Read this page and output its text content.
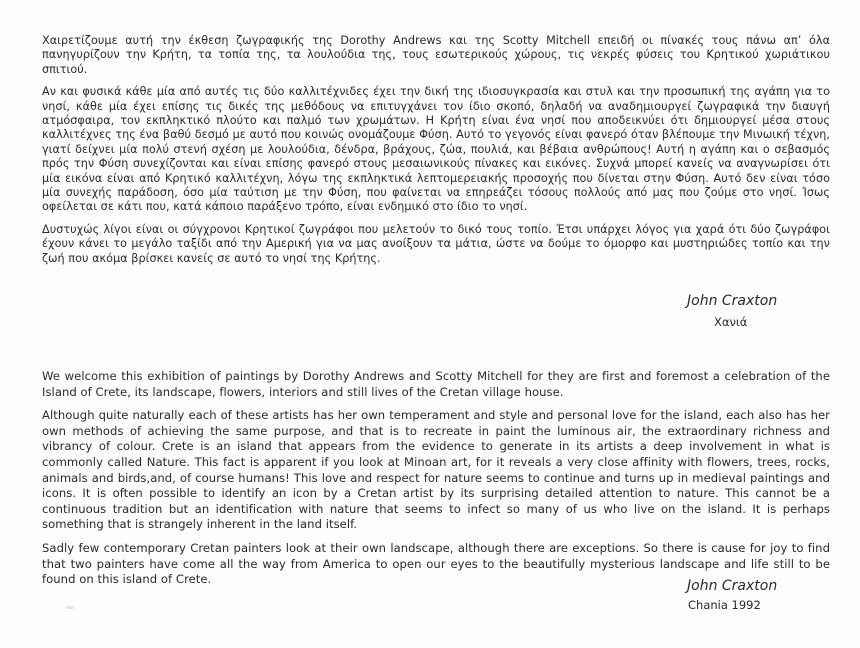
Χαιρετίζουμε αυτή την έκθεση ζωγραφικής της Dorothy Andrews και της Scotty Mitchell επειδή οι πίνακές τους πάνω απ’ όλα πανηγυρίζουν την Κρήτη, τα τοπία της, τα λουλούδια της, τους εσωτερικούς χώρους, τις νεκρές φύσεις του Κρητικού χωριάτικου σπιτιού.

Αν και φυσικά κάθε μία από αυτές τις δύο καλλιτέχνιδες έχει την δική της ιδιοσυγκρασία και στυλ και την προσωπική της αγάπη για το νησί, κάθε μία έχει επίσης τις δικές της μεθόδους να επιτυγχάνει τον ίδιο σκοπό, δηλαδή να αναδημιουργεί ζωγραφικά την διαυγή ατμόσφαιρα, τον εκπληκτικό πλούτο και παλμό των χρωμάτων. Η Κρήτη είναι ένα νησί που αποδεικνύει ότι δημιουργεί μέσα στους καλλιτέχνες της ένα βαθύ δεσμό με αυτό που κοινώς ονομάζουμε Φύση. Αυτό το γεγονός είναι φανερό όταν βλέπουμε την Μινωική τέχνη, γιατί δείχνει μία πολύ στενή σχέση με λουλούδια, δένδρα, βράχους, ζώα, πουλιά, και βέβαια ανθρώπους! Αυτή η αγάπη και ο σεβασμός πρός την Φύση συνεχίζονται και είναι επίσης φανερό στους μεσαιωνικούς πίνακες και εικόνες. Συχνά μπορεί κανείς να αναγνωρίσει ότι μία εικόνα είναι από Κρητικό καλλιτέχνη, λόγω της εκπληκτικά λεπτομερειακής προσοχής που δίνεται στην Φύση. Αυτό δεν είναι τόσο μία συνεχής παράδοση, όσο μία ταύτιση με την Φύση, που φαίνεται να επηρεάζει τόσους πολλούς από μας που ζούμε στο νησί. Ίσως οφείλεται σε κάτι που, κατά κάποιο παράξενο τρόπο, είναι ενδημικό στο ίδιο το νησί.

Δυστυχώς λίγοι είναι οι σύγχρονοι Κρητικοί ζωγράφοι που μελετούν το δικό τους τοπίο. Έτσι υπάρχει λόγος για χαρά ότι δύο ζωγράφοι έχουν κάνει το μεγάλο ταξίδι από την Αμερική για να μας ανοίξουν τα μάτια, ώστε να δούμε το όμορφο και μυστηριώδες τοπίο και την ζωή που ακόμα βρίσκει κανείς σε αυτό το νησί της Κρήτης.

John Craxton
Χανιά

We welcome this exhibition of paintings by Dorothy Andrews and Scotty Mitchell for they are first and foremost a celebration of the Island of Crete, its landscape, flowers, interiors and still lives of the Cretan village house.

Although quite naturally each of these artists has her own temperament and style and personal love for the island, each also has her own methods of achieving the same purpose, and that is to recreate in paint the luminous air, the extraordinary richness and vibrancy of colour. Crete is an island that appears from the evidence to generate in its artists a deep involvement in what is commonly called Nature. This fact is apparent if you look at Minoan art, for it reveals a very close affinity with flowers, trees, rocks, animals and birds,and, of course humans! This love and respect for nature seems to continue and turns up in medieval paintings and icons. It is often possible to identify an icon by a Cretan artist by its surprising detailed attention to nature. This cannot be a continuous tradition but an identification with nature that seems to infect so many of us who live on the island. It is perhaps something that is strangely inherent in the land itself.

Sadly few contemporary Cretan painters look at their own landscape, although there are exceptions. So there is cause for joy to find that two painters have come all the way from America to open our eyes to the beautifully mysterious landscape and life still to be found on this island of Crete.	John Craxton
Chania 1992
